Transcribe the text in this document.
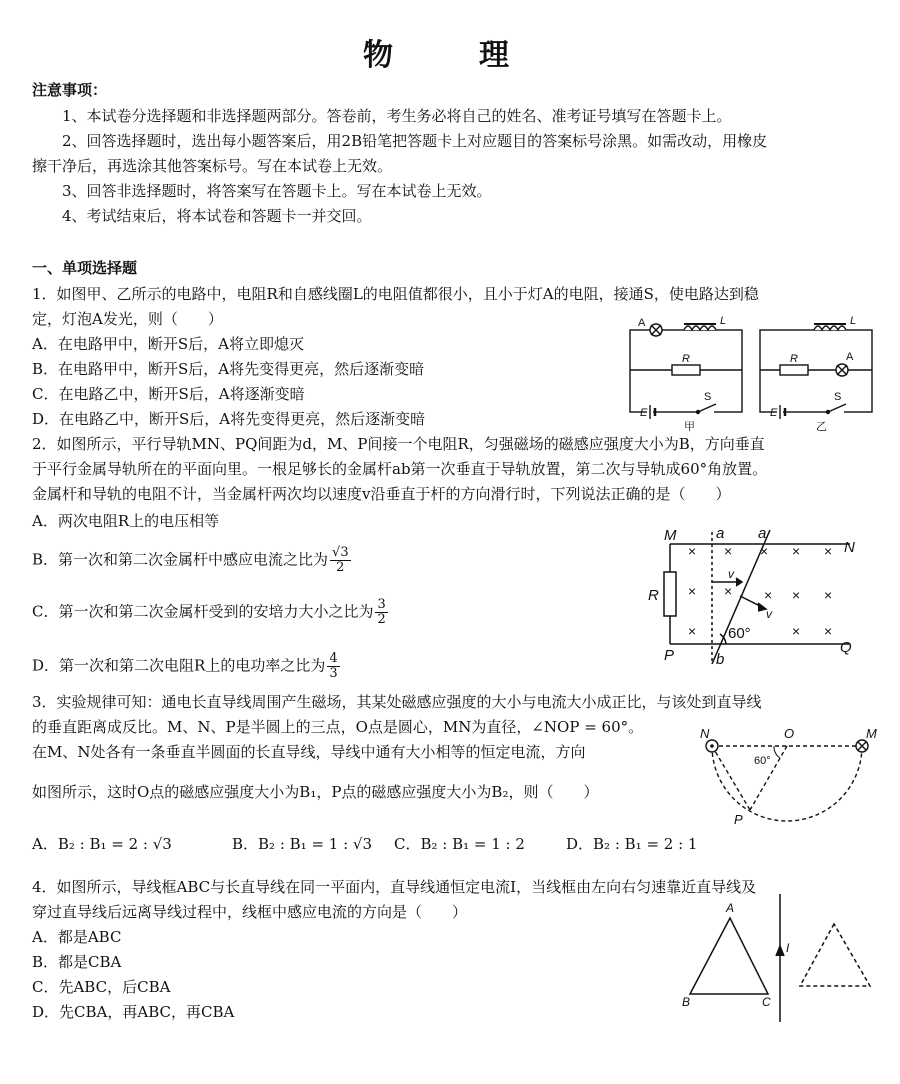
物　理
注意事项：
1、本试卷分选择题和非选择题两部分。答卷前，考生务必将自己的姓名、准考证号填写在答题卡上。
2、回答选择题时，选出每小题答案后，用2B铅笔把答题卡上对应题目的答案标号涂黑。如需改动，用橡皮
擦干净后，再选涂其他答案标号。写在本试卷上无效。
3、回答非选择题时，将答案写在答题卡上。写在本试卷上无效。
4、考试结束后，将本试卷和答题卡一并交回。
一、单项选择题
1．如图甲、乙所示的电路中，电阻R和自感线圈L的电阻值都很小，且小于灯A的电阻，接通S，使电路达到稳
定，灯泡A发光，则（　　）
A．在电路甲中，断开S后，A将立即熄灭
B．在电路甲中，断开S后，A将先变得更亮，然后逐渐变暗
C．在电路乙中，断开S后，A将逐渐变暗
D．在电路乙中，断开S后，A将先变得更亮，然后逐渐变暗
A	L
R
S
E
甲
L
R	A
S
E
乙
2．如图所示，平行导轨MN、PQ间距为d，M、P间接一个电阻R，匀强磁场的磁感应强度大小为B，方向垂直
于平行金属导轨所在的平面向里。一根足够长的金属杆ab第一次垂直于导轨放置，第二次与导轨成60°角放置。
金属杆和导轨的电阻不计，当金属杆两次均以速度v沿垂直于杆的方向滑行时，下列说法正确的是（　　）
A．两次电阻R上的电压相等
B．第一次和第二次金属杆中感应电流之比为 $\frac{√3}{2}$
C．第一次和第二次金属杆受到的安培力大小之比为 $\frac{3}{2}$
D．第一次和第二次电阻R上的电功率之比为 $\frac{4}{3}$
M
N
P	Q
R
a a
b
v
v
60°
× × × × ×
× × × × ×
×	× ×
3．实验规律可知：通电长直导线周围产生磁场，其某处磁感应强度的大小与电流大小成正比，与该处到直导线
的垂直距离成反比。M、N、P是半圆上的三点，O点是圆心，MN为直径，∠NOP = 60°。
在M、N处各有一条垂直半圆面的长直导线，导线中通有大小相等的恒定电流，方向
如图所示，这时O点的磁感应强度大小为B₁，P点的磁感应强度大小为B₂，则（　　）
A．B₂ : B₁ = 2 : √3	B．B₂ : B₁ = 1 : √3 C．B₂ : B₁ = 1 : 2	D．B₂ : B₁ = 2 : 1
N	O	M
P
60°
4．如图所示，导线框ABC与长直导线在同一平面内，直导线通恒定电流I，当线框由左向右匀速靠近直导线及
穿过直导线后远离导线过程中，线框中感应电流的方向是（　　）
A．都是ABC
B．都是CBA
C．先ABC，后CBA
D．先CBA，再ABC，再CBA
A
B	C
I
